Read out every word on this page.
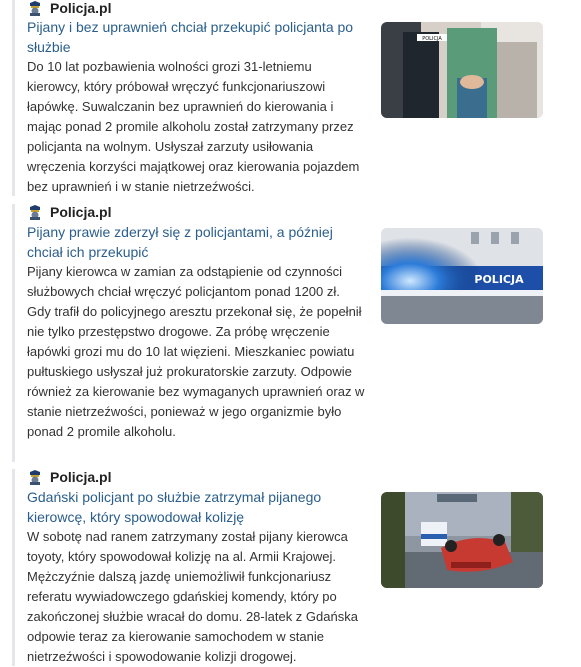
Policja.pl
Pijany i bez uprawnień chciał przekupić policjanta po służbie
Do 10 lat pozbawienia wolności grozi 31-letniemu kierowcy, który próbował wręczyć funkcjonariuszowi łapówkę. Suwalczanin bez uprawnień do kierowania i mając ponad 2 promile alkoholu został zatrzymany przez policjanta na wolnym. Usłyszał zarzuty usiłowania wręczenia korzyści majątkowej oraz kierowania pojazdem bez uprawnień i w stanie nietrzeźwości.
POLICJA
Policja.pl
Pijany prawie zderzył się z policjantami, a później chciał ich przekupić
Pijany kierowca w zamian za odstąpienie od czynności służbowych chciał wręczyć policjantom ponad 1200 zł. Gdy trafił do policyjnego aresztu przekonał się, że popełnił nie tylko przestępstwo drogowe. Za próbę wręczenie łapówki grozi mu do 10 lat więzieni. Mieszkaniec powiatu pułtuskiego usłyszał już prokuratorskie zarzuty. Odpowie również za kierowanie bez wymaganych uprawnień oraz w stanie nietrzeźwości, ponieważ w jego organizmie było ponad 2 promile alkoholu.
POLICJA
Policja.pl
Gdański policjant po służbie zatrzymał pijanego kierowcę, który spowodował kolizję
W sobotę nad ranem zatrzymany został pijany kierowca toyoty, który spowodował kolizję na al. Armii Krajowej. Mężczyźnie dalszą jazdę uniemożliwił funkcjonariusz referatu wywiadowczego gdańskiej komendy, który po zakończonej służbie wracał do domu. 28-latek z Gdańska odpowie teraz za kierowanie samochodem w stanie nietrzeźwości i spowodowanie kolizji drogowej.
